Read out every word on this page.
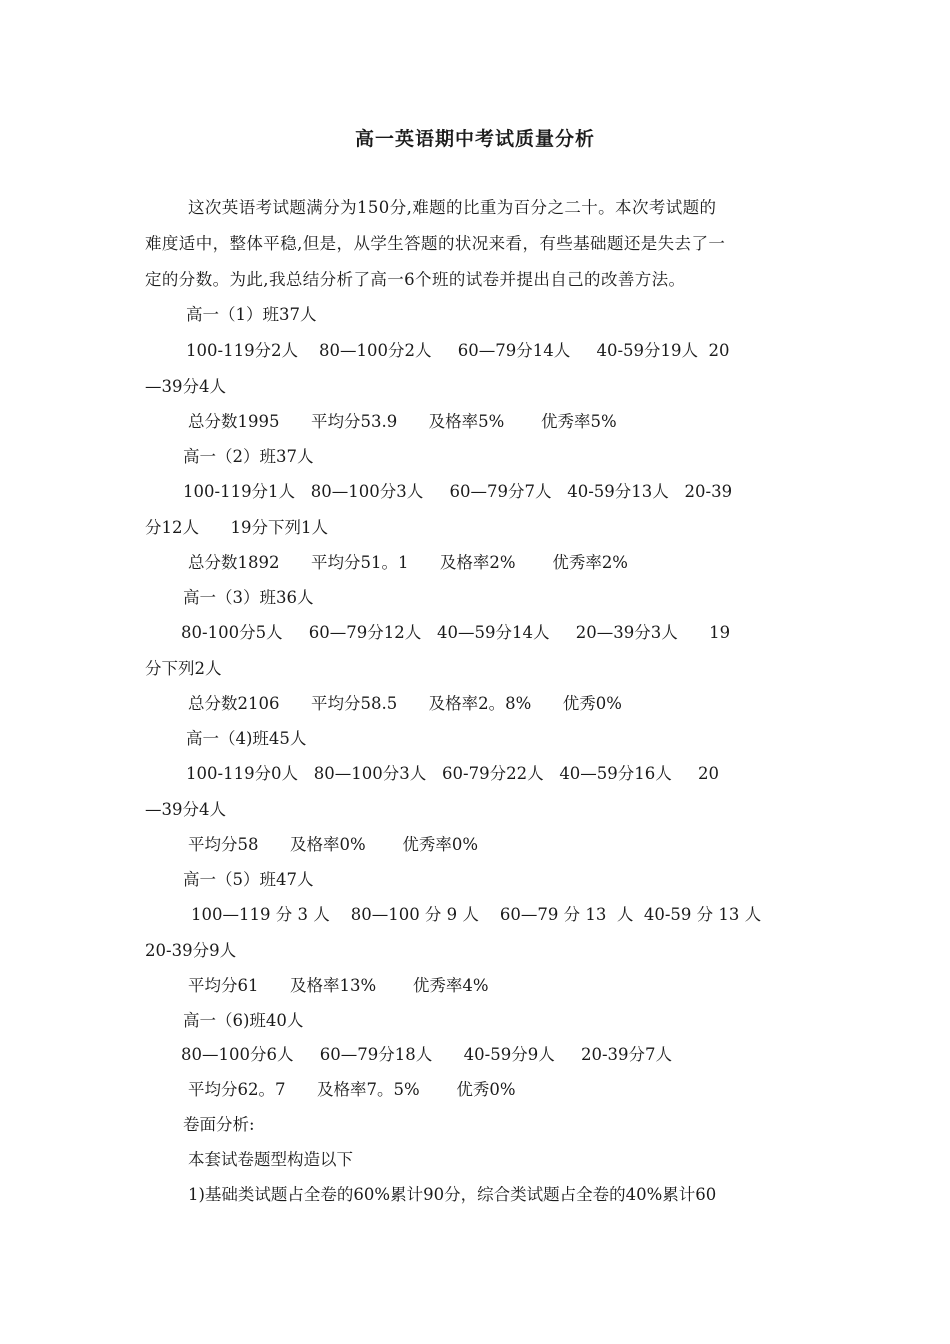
高一英语期中考试质量分析
这次英语考试题满分为150分,难题的比重为百分之二十。本次考试题的
难度适中，整体平稳,但是，从学生答题的状况来看，有些基础题还是失去了一
定的分数。为此,我总结分析了高一6个班的试卷并提出自己的改善方法。
高一（1）班37人
100-119分2人    80—100分2人     60—79分14人     40-59分19人  20
—39分4人
总分数1995      平均分53.9      及格率5%       优秀率5%
高一（2）班37人
100-119分1人   80—100分3人     60—79分7人   40-59分13人   20-39
分12人      19分下列1人
总分数1892      平均分51。1      及格率2%       优秀率2%
高一（3）班36人
80-100分5人     60—79分12人   40—59分14人     20—39分3人      19
分下列2人
总分数2106      平均分58.5      及格率2。8%      优秀0%
高一（4)班45人
100-119分0人   80—100分3人   60-79分22人   40—59分16人     20
—39分4人
平均分58      及格率0%       优秀率0%
高一（5）班47人
100—119 分 3 人    80—100 分 9 人    60—79 分 13  人  40-59 分 13 人
20-39分9人
平均分61      及格率13%       优秀率4%
高一（6)班40人
80—100分6人     60—79分18人      40-59分9人     20-39分7人
平均分62。7      及格率7。5%       优秀0%
卷面分析:
本套试卷题型构造以下
1)基础类试题占全卷的60%累计90分，综合类试题占全卷的40%累计60
